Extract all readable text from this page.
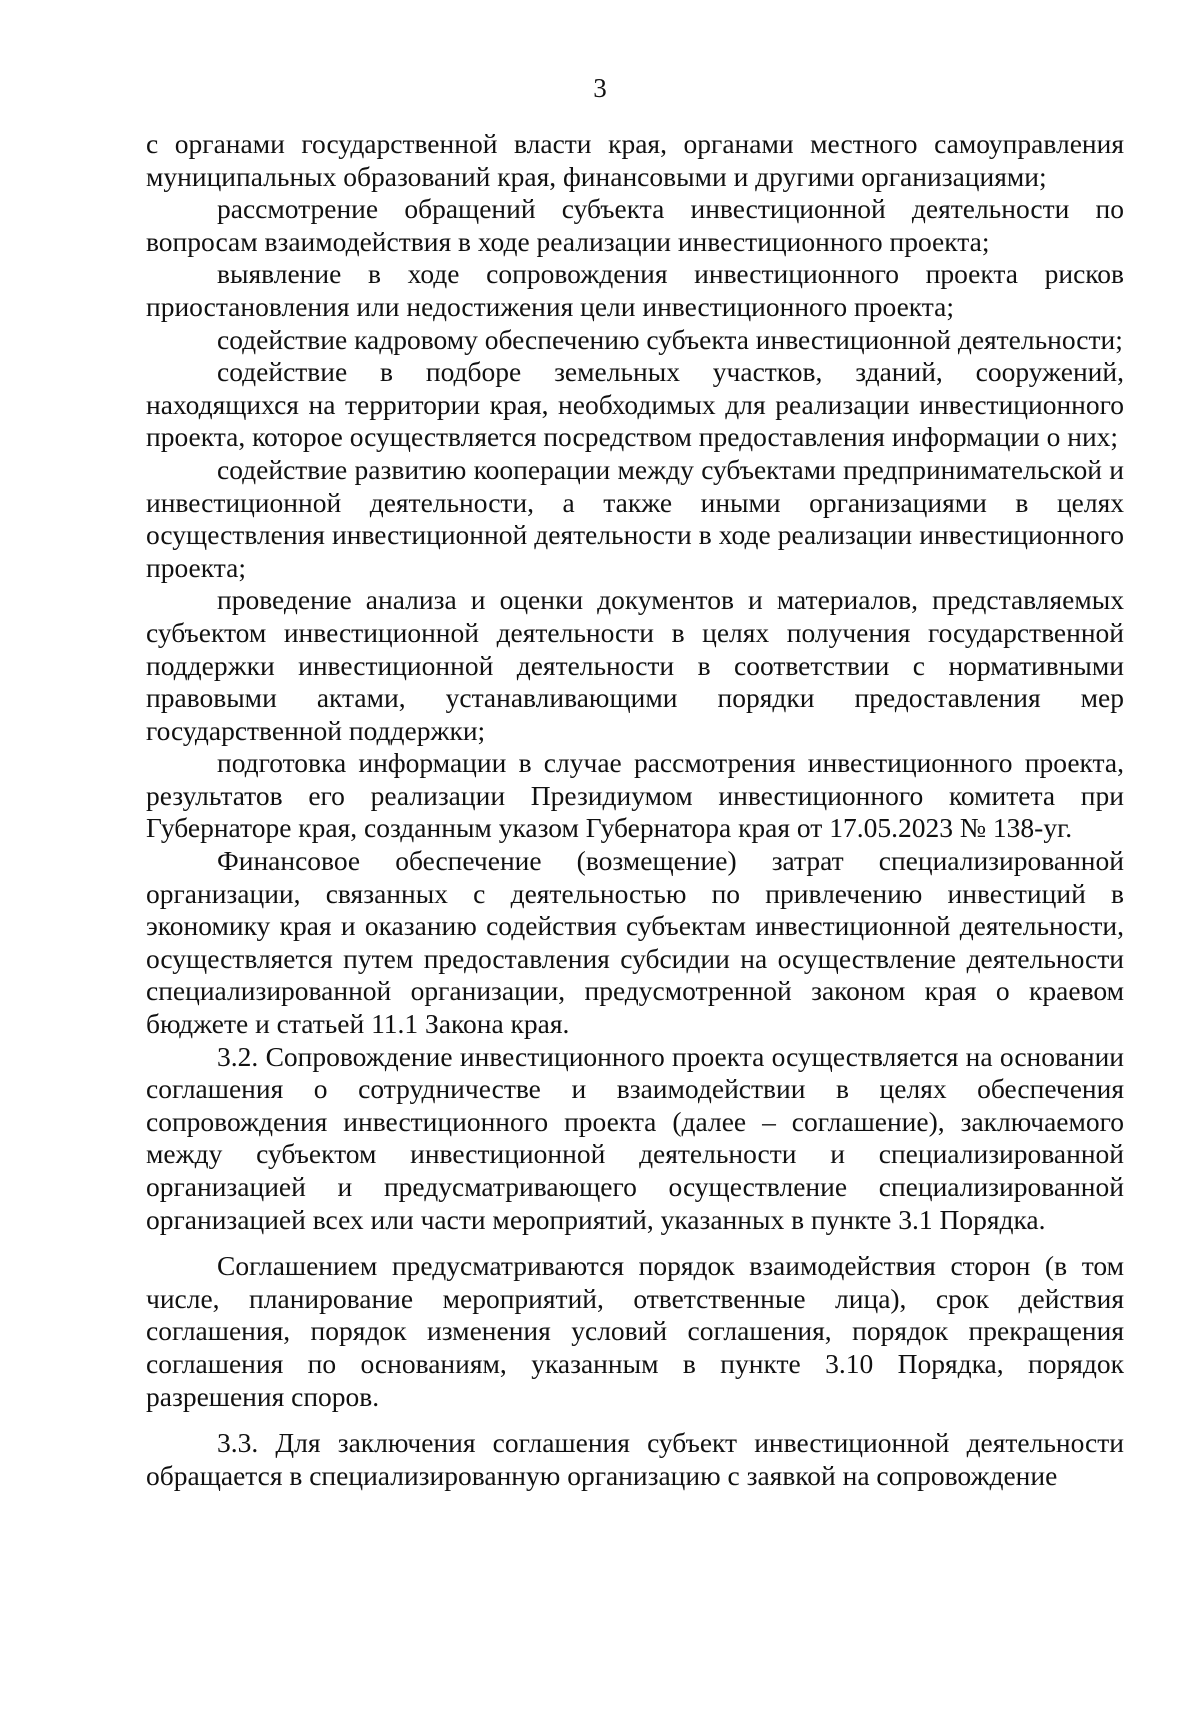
3

с органами государственной власти края, органами местного самоуправления муниципальных образований края, финансовыми и другими организациями;

рассмотрение обращений субъекта инвестиционной деятельности по вопросам взаимодействия в ходе реализации инвестиционного проекта;

выявление в ходе сопровождения инвестиционного проекта рисков приостановления или недостижения цели инвестиционного проекта;

содействие кадровому обеспечению субъекта инвестиционной деятельности;

содействие в подборе земельных участков, зданий, сооружений, находящихся на территории края, необходимых для реализации инвестиционного проекта, которое осуществляется посредством предоставления информации о них;

содействие развитию кооперации между субъектами предпринимательской и инвестиционной деятельности, а также иными организациями в целях осуществления инвестиционной деятельности в ходе реализации инвестиционного проекта;

проведение анализа и оценки документов и материалов, представляемых субъектом инвестиционной деятельности в целях получения государственной поддержки инвестиционной деятельности в соответствии с нормативными правовыми актами, устанавливающими порядки предоставления мер государственной поддержки;

подготовка информации в случае рассмотрения инвестиционного проекта, результатов его реализации Президиумом инвестиционного комитета при Губернаторе края, созданным указом Губернатора края от 17.05.2023 № 138-уг.

Финансовое обеспечение (возмещение) затрат специализированной организации, связанных с деятельностью по привлечению инвестиций в экономику края и оказанию содействия субъектам инвестиционной деятельности, осуществляется путем предоставления субсидии на осуществление деятельности специализированной организации, предусмотренной законом края о краевом бюджете и статьей 11.1 Закона края.

3.2. Сопровождение инвестиционного проекта осуществляется на основании соглашения о сотрудничестве и взаимодействии в целях обеспечения сопровождения инвестиционного проекта (далее – соглашение), заключаемого между субъектом инвестиционной деятельности и специализированной организацией и предусматривающего осуществление специализированной организацией всех или части мероприятий, указанных в пункте 3.1 Порядка.

Соглашением предусматриваются порядок взаимодействия сторон (в том числе, планирование мероприятий, ответственные лица), срок действия соглашения, порядок изменения условий соглашения, порядок прекращения соглашения по основаниям, указанным в пункте 3.10 Порядка, порядок разрешения споров.

3.3. Для заключения соглашения субъект инвестиционной деятельности обращается в специализированную организацию с заявкой на сопровождение
